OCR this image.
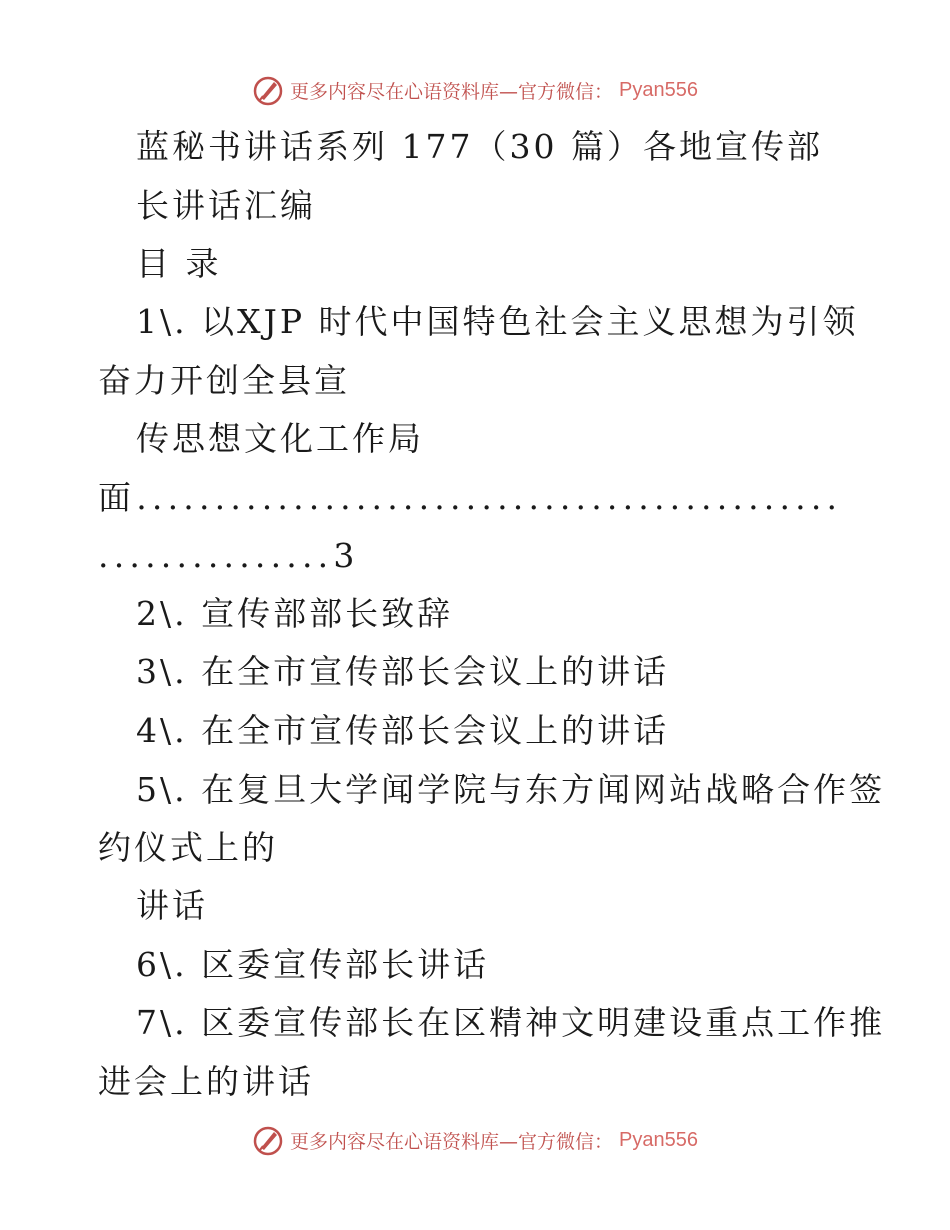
更多内容尽在心语资料库—官方微信： Pyan556
蓝秘书讲话系列 177（30 篇）各地宣传部
长讲话汇编
目 录
1\. 以XJP 时代中国特色社会主义思想为引领
奋力开创全县宣
传思想文化工作局
面.............................................
...............3
2\. 宣传部部长致辞
3\. 在全市宣传部长会议上的讲话
4\. 在全市宣传部长会议上的讲话
5\. 在复旦大学闻学院与东方闻网站战略合作签
约仪式上的
讲话
6\. 区委宣传部长讲话
7\. 区委宣传部长在区精神文明建设重点工作推
进会上的讲话
更多内容尽在心语资料库—官方微信： Pyan556
